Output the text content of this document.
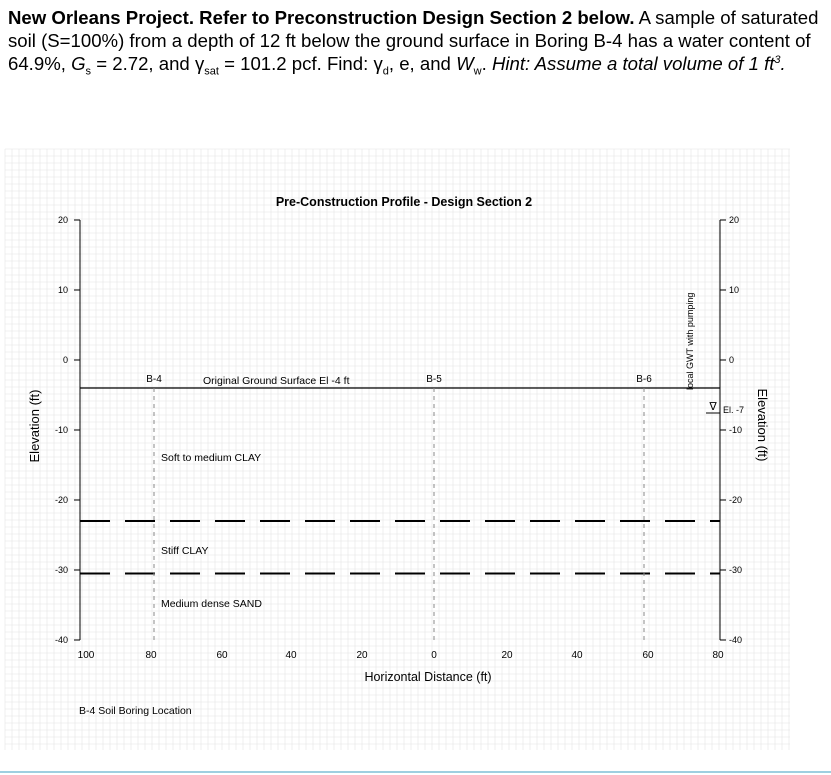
New Orleans Project. Refer to Preconstruction Design Section 2 below. A sample of saturated soil (S=100%) from a depth of 12 ft below the ground surface in Boring B-4 has a water content of 64.9%, $G_s = 2.72$, and $\gamma_{sat} = 101.2$ pcf. Find: $\gamma_d$, e, and $W_w$. Hint: Assume a total volume of 1 $ft^3$.
20	20
10	10
0	0
-10	-10
-20	-20
-30	-30
-40	-40
100	80	60	40	20	0	20	40	60	80
B-4	B-5	B-6
Pre-Construction Profile - Design Section 2
Horizontal Distance (ft)
Elevation (ft)	Elevation (ft)
Original Ground Surface El -4 ft
Soft to medium CLAY
Stiff CLAY
Medium dense SAND
local GWT with pumping
∇ El. -7
B-4 Soil Boring Location
